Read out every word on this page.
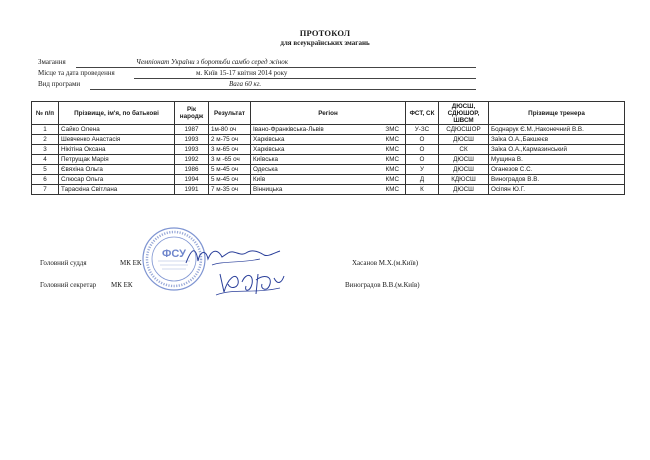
ПРОТОКОЛ
для всеукраїнських змагань
Змагання	Чемпіонат України з боротьби самбо серед жінок
Місце та дата проведення	м. Київ 15-17 квітня 2014 року
Вид програми	Вага 60 кг.
№ п/п	Прізвище, ім'я, по батькові	Рік народж	Результат	Регіон	ФСТ, СК	ДЮСШ, СДЮШОР, ШВСМ	Прізвище тренера
1	Сайко Олена	1987	1м-80 оч	Івано-Франківська-Львів ЗМС	У-ЗС	СДЮСШОР	Боднарук Є.М.,Наконечний В.В.
2	Шевченко Анастасія	1993	2 м-75 оч	Харківська КМС	О	ДЮСШ	Заїка О.А.,Бакшеєв
3	Нікітіна Оксана	1993	3 м-65 оч	Харківська КМС	О	СК	Заїка О.А.,Кармазинський
4	Петрущак Марія	1992	3 м -65 оч	Київська КМС	О	ДЮСШ	Мущина В.
5	Євяхіна Ольга	1986	5 м-45 оч	Одеська КМС	У	ДЮСШ	Оганезов С.С.
6	Слюсар Ольга	1994	5 м-45 оч	Київ КМС	Д	КДЮСШ	Виноградов В.В.
7	Тараскіна Світлана	1991	7 м-35 оч	Вінницька КМС	К	ДЮСШ	Осіпян Ю.Г.
Головний суддя	МК ЕК	Хасанов М.Х.(м.Київ)
Головний секретар МК ЕК	Виноградов В.В.(м.Київ)
ФСУ
